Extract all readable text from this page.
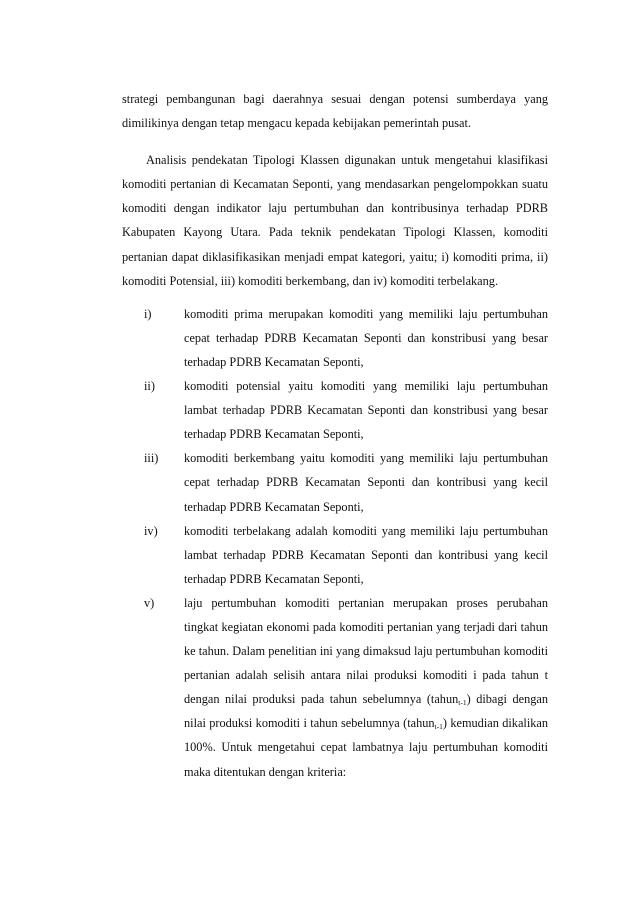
strategi pembangunan bagi daerahnya sesuai dengan potensi sumberdaya yang dimilikinya dengan tetap mengacu kepada kebijakan pemerintah pusat.

Analisis pendekatan Tipologi Klassen digunakan untuk mengetahui klasifikasi komoditi pertanian di Kecamatan Seponti, yang mendasarkan pengelompokkan suatu komoditi dengan indikator laju pertumbuhan dan kontribusinya terhadap PDRB Kabupaten Kayong Utara. Pada teknik pendekatan Tipologi Klassen, komoditi pertanian dapat diklasifikasikan menjadi empat kategori, yaitu; i) komoditi prima, ii) komoditi Potensial, iii) komoditi berkembang, dan iv) komoditi terbelakang.

i)	komoditi prima merupakan komoditi yang memiliki laju pertumbuhan cepat terhadap PDRB Kecamatan Seponti dan konstribusi yang besar terhadap PDRB Kecamatan Seponti,
ii)	komoditi potensial yaitu komoditi yang memiliki laju pertumbuhan lambat terhadap PDRB Kecamatan Seponti dan konstribusi yang besar terhadap PDRB Kecamatan Seponti,
iii)	komoditi berkembang yaitu komoditi yang memiliki laju pertumbuhan cepat terhadap PDRB Kecamatan Seponti dan kontribusi yang kecil terhadap PDRB Kecamatan Seponti,
iv)	komoditi terbelakang adalah komoditi yang memiliki laju pertumbuhan lambat terhadap PDRB Kecamatan Seponti dan kontribusi yang kecil terhadap PDRB Kecamatan Seponti,
v)	laju pertumbuhan komoditi pertanian merupakan proses perubahan tingkat kegiatan ekonomi pada komoditi pertanian yang terjadi dari tahun ke tahun. Dalam penelitian ini yang dimaksud laju pertumbuhan komoditi pertanian adalah selisih antara nilai produksi komoditi i pada tahun t dengan nilai produksi pada tahun sebelumnya (tahun$_{t-1}$) dibagi dengan nilai produksi komoditi i tahun sebelumnya (tahun$_{t-1}$) kemudian dikalikan 100%. Untuk mengetahui cepat lambatnya laju pertumbuhan komoditi maka ditentukan dengan kriteria:
